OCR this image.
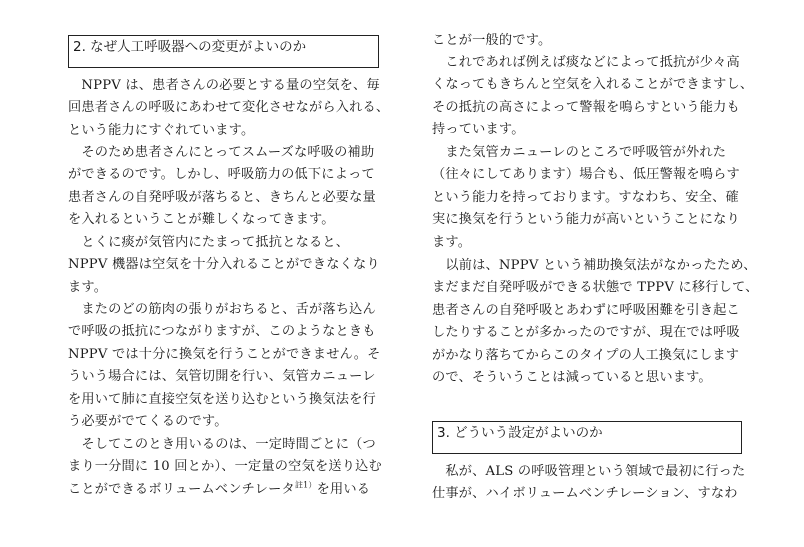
2. なぜ人工呼吸器への変更がよいのか
　NPPV は、患者さんの必要とする量の空気を、毎
回患者さんの呼吸にあわせて変化させながら入れる、
という能力にすぐれています。
　そのため患者さんにとってスムーズな呼吸の補助
ができるのです。しかし、呼吸筋力の低下によって
患者さんの自発呼吸が落ちると、きちんと必要な量
を入れるということが難しくなってきます。
　とくに痰が気管内にたまって抵抗となると、
NPPV 機器は空気を十分入れることができなくなり
ます。
　またのどの筋肉の張りがおちると、舌が落ち込ん
で呼吸の抵抗につながりますが、このようなときも
NPPV では十分に換気を行うことができません。そ
ういう場合には、気管切開を行い、気管カニューレ
を用いて肺に直接空気を送り込むという換気法を行
う必要がでてくるのです。
　そしてこのとき用いるのは、一定時間ごとに（つ
まり一分間に 10 回とか）、一定量の空気を送り込む
ことができるボリュームベンチレータ$^{註1)}$を用いる
ことが一般的です。
　これであれば例えば痰などによって抵抗が少々高
くなってもきちんと空気を入れることができますし、
その抵抗の高さによって警報を鳴らすという能力も
持っています。
　また気管カニューレのところで呼吸管が外れた
（往々にしてあります）場合も、低圧警報を鳴らす
という能力を持っております。すなわち、安全、確
実に換気を行うという能力が高いということになり
ます。
　以前は、NPPV という補助換気法がなかったため、
まだまだ自発呼吸ができる状態で TPPV に移行して、
患者さんの自発呼吸とあわずに呼吸困難を引き起こ
したりすることが多かったのですが、現在では呼吸
がかなり落ちてからこのタイプの人工換気にします
ので、そういうことは減っていると思います。
3. どういう設定がよいのか
　私が、ALS の呼吸管理という領域で最初に行った
仕事が、ハイボリュームベンチレーション、すなわ
